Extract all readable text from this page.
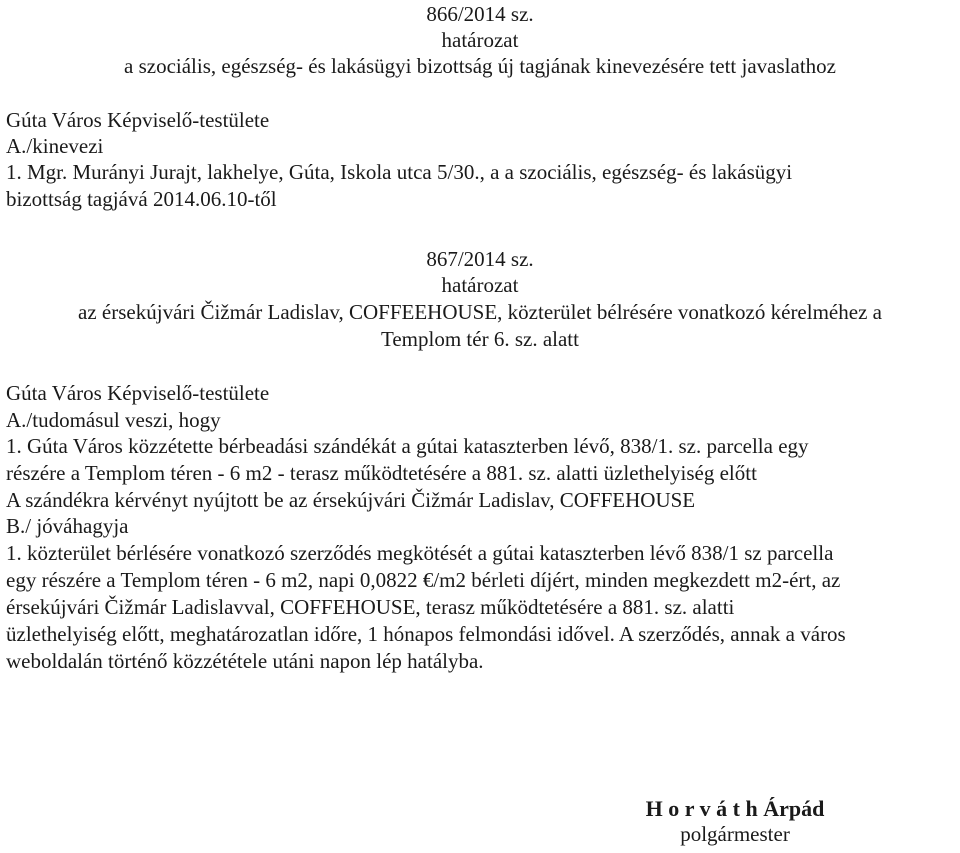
866/2014 sz.
határozat
a szociális, egészség- és lakásügyi bizottság új tagjának kinevezésére tett javaslathoz
Gúta Város Képviselő-testülete
A./kinevezi
1. Mgr. Murányi Jurajt, lakhelye, Gúta, Iskola utca 5/30., a a szociális, egészség- és lakásügyi
bizottság tagjává 2014.06.10-től
867/2014 sz.
határozat
az érsekújvári Čižmár Ladislav, COFFEEHOUSE, közterület bélrésére vonatkozó kérelméhez a
Templom tér 6. sz. alatt
Gúta Város Képviselő-testülete
A./tudomásul veszi, hogy
1. Gúta Város közzétette bérbeadási szándékát a gútai kataszterben lévő, 838/1. sz. parcella egy
részére a Templom téren - 6 m2 - terasz működtetésére a 881. sz. alatti üzlethelyiség előtt
A szándékra kérvényt nyújtott be az érsekújvári Čižmár Ladislav, COFFEHOUSE
B./ jóváhagyja
1. közterület bérlésére vonatkozó szerződés megkötését a gútai kataszterben lévő 838/1 sz parcella
egy részére a Templom téren - 6 m2, napi 0,0822 €/m2 bérleti díjért, minden megkezdett m2-ért, az
érsekújvári Čižmár Ladislavval, COFFEHOUSE, terasz működtetésére a 881. sz. alatti
üzlethelyiség előtt, meghatározatlan időre, 1 hónapos felmondási idővel. A szerződés, annak a város
weboldalán történő közzététele utáni napon lép hatályba.
H o r v á t h Árpád
polgármester
